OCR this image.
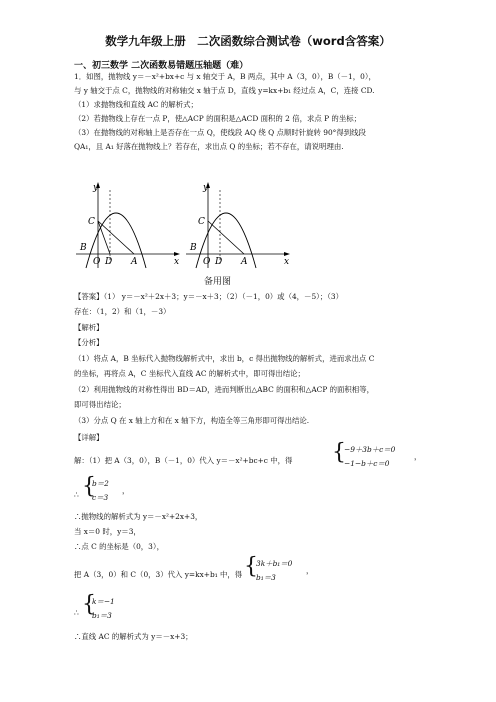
数学九年级上册　二次函数综合测试卷（word含答案）
一、初三数学 二次函数易错题压轴题（难）
1．如图，抛物线 y＝－x²+bx+c 与 x 轴交于 A，B 两点，其中 A（3，0），B（－1，0），
与 y 轴交于点 C，抛物线的对称轴交 x 轴于点 D，直线 y=kx+b₁ 经过点 A，C，连接 CD.
（1）求抛物线和直线 AC 的解析式；
（2）若抛物线上存在一点 P，使△ACP 的面积是△ACD 面积的 2 倍，求点 P 的坐标；
（3）在抛物线的对称轴上是否存在一点 Q，使线段 AQ 绕 Q 点顺时针旋转 90°得到线段
QA₁，且 A₁ 好落在抛物线上？若存在，求出点 Q 的坐标；若不存在，请说明理由.
y
x
C
B
O D A
y
x
C
B
O D A
备用图
【答案】（1） y＝－x²＋2x＋3；y＝－x＋3；（2）（－1，0）或（4，－5）；（3）
存在：（1，2）和（1，－3）
【解析】
【分析】
（1）将点 A，B 坐标代入抛物线解析式中，求出 b，c 得出抛物线的解析式，进而求出点 C
的坐标，再将点 A，C 坐标代入直线 AC 的解析式中，即可得出结论；
（2）利用抛物线的对称性得出 BD＝AD，进而判断出△ABC 的面积和△ACP 的面积相等，
即可得出结论；
（3）分点 Q 在 x 轴上方和在 x 轴下方，构造全等三角形即可得出结论.
【详解】
解：（1）把 A（3，0），B（－1，0）代入 y＝－x²+bc+c 中，得 {
−9＋3b＋c＝0
−1−b＋c＝0
，
∴ {
b＝2
c＝3
，
∴抛物线的解析式为 y＝－x²+2x+3，
当 x＝0 时，y＝3，
∴点 C 的坐标是（0，3），
把 A（3，0）和 C（0，3）代入 y=kx+b₁ 中，得 {
3k＋b₁＝0
b₁＝3
，
∴ {
k＝−1
b₁＝3
∴直线 AC 的解析式为 y＝－x+3；
